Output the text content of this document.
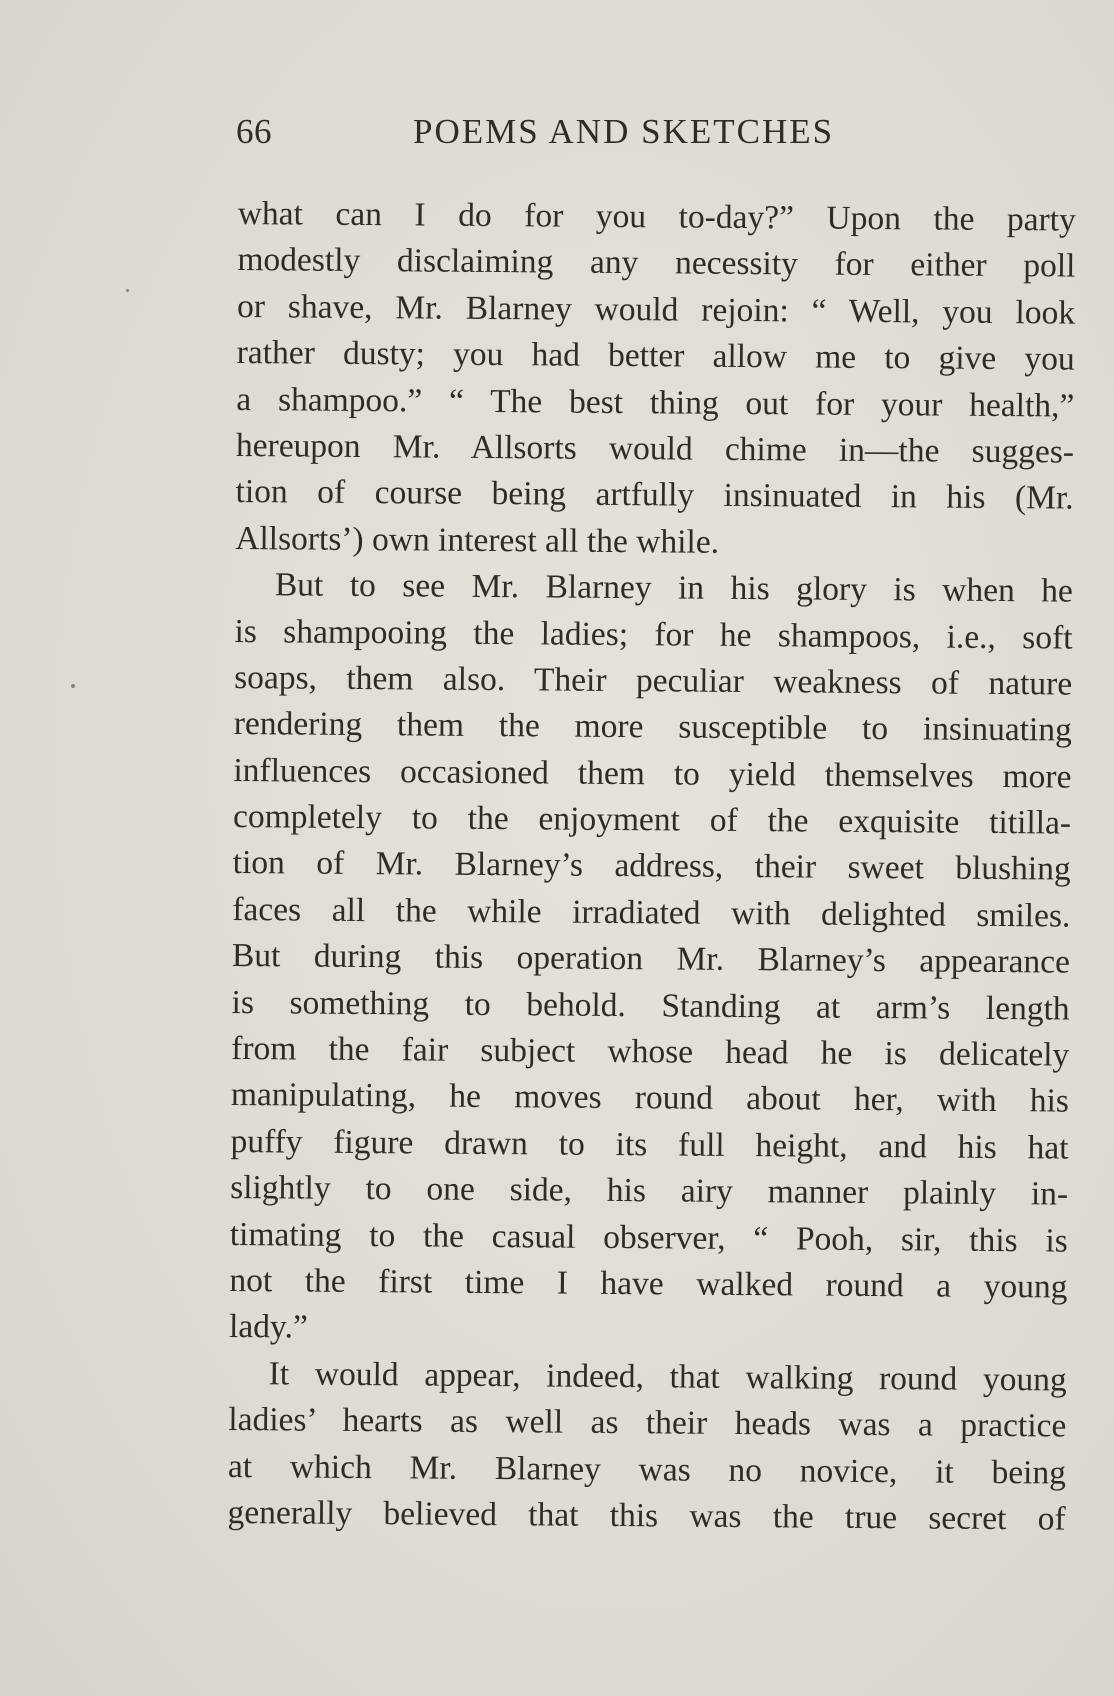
66	POEMS AND SKETCHES
what can I do for you to-day?” Upon the party
modestly disclaiming any necessity for either poll
or shave, Mr. Blarney would rejoin: “ Well, you look
rather dusty; you had better allow me to give you
a shampoo.” “ The best thing out for your health,”
hereupon Mr. Allsorts would chime in—the sugges-
tion of course being artfully insinuated in his (Mr.
Allsorts’) own interest all the while.
But to see Mr. Blarney in his glory is when he
is shampooing the ladies; for he shampoos, i.e., soft
soaps, them also. Their peculiar weakness of nature
rendering them the more susceptible to insinuating
influences occasioned them to yield themselves more
completely to the enjoyment of the exquisite titilla-
tion of Mr. Blarney’s address, their sweet blushing
faces all the while irradiated with delighted smiles.
But during this operation Mr. Blarney’s appearance
is something to behold. Standing at arm’s length
from the fair subject whose head he is delicately
manipulating, he moves round about her, with his
puffy figure drawn to its full height, and his hat
slightly to one side, his airy manner plainly in-
timating to the casual observer, “ Pooh, sir, this is
not the first time I have walked round a young
lady.”
It would appear, indeed, that walking round young
ladies’ hearts as well as their heads was a practice
at which Mr. Blarney was no novice, it being
generally believed that this was the true secret of
